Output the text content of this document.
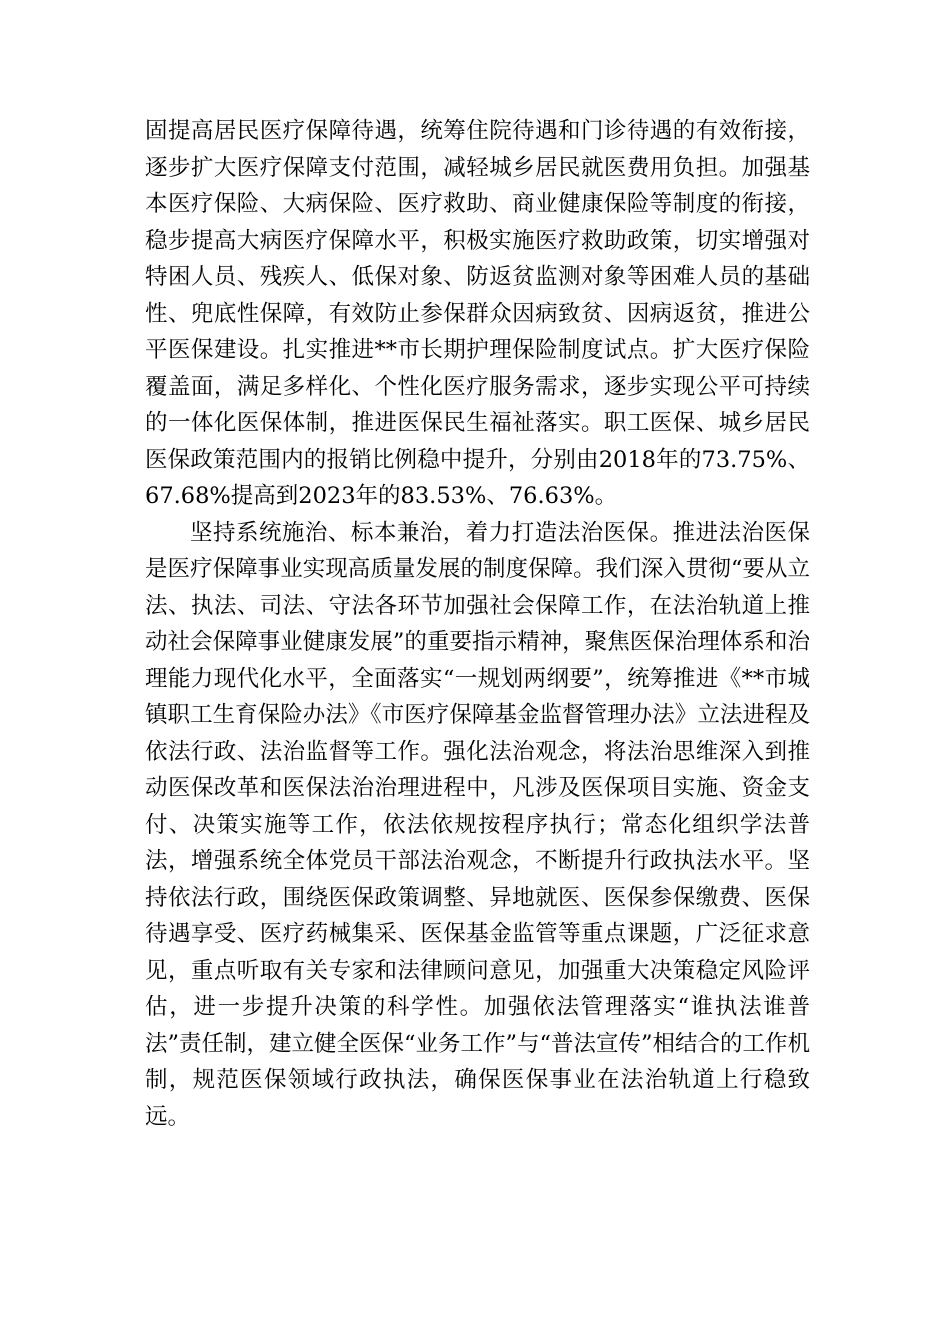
固提高居民医疗保障待遇，统筹住院待遇和门诊待遇的有效衔接，逐步扩大医疗保障支付范围，减轻城乡居民就医费用负担。加强基本医疗保险、大病保险、医疗救助、商业健康保险等制度的衔接，稳步提高大病医疗保障水平，积极实施医疗救助政策，切实增强对特困人员、残疾人、低保对象、防返贫监测对象等困难人员的基础性、兜底性保障，有效防止参保群众因病致贫、因病返贫，推进公平医保建设。扎实推进**市长期护理保险制度试点。扩大医疗保险覆盖面，满足多样化、个性化医疗服务需求，逐步实现公平可持续的一体化医保体制，推进医保民生福祉落实。职工医保、城乡居民医保政策范围内的报销比例稳中提升，分别由2018年的73.75%、67.68%提高到2023年的83.53%、76.63%。

坚持系统施治、标本兼治，着力打造法治医保。推进法治医保是医疗保障事业实现高质量发展的制度保障。我们深入贯彻“要从立法、执法、司法、守法各环节加强社会保障工作，在法治轨道上推动社会保障事业健康发展”的重要指示精神，聚焦医保治理体系和治理能力现代化水平，全面落实“一规划两纲要”，统筹推进《**市城镇职工生育保险办法》《市医疗保障基金监督管理办法》立法进程及依法行政、法治监督等工作。强化法治观念，将法治思维深入到推动医保改革和医保法治治理进程中，凡涉及医保项目实施、资金支付、决策实施等工作，依法依规按程序执行；常态化组织学法普法，增强系统全体党员干部法治观念，不断提升行政执法水平。坚持依法行政，围绕医保政策调整、异地就医、医保参保缴费、医保待遇享受、医疗药械集采、医保基金监管等重点课题，广泛征求意见，重点听取有关专家和法律顾问意见，加强重大决策稳定风险评估，进一步提升决策的科学性。加强依法管理落实“谁执法谁普法”责任制，建立健全医保“业务工作”与“普法宣传”相结合的工作机制，规范医保领域行政执法，确保医保事业在法治轨道上行稳致远。
